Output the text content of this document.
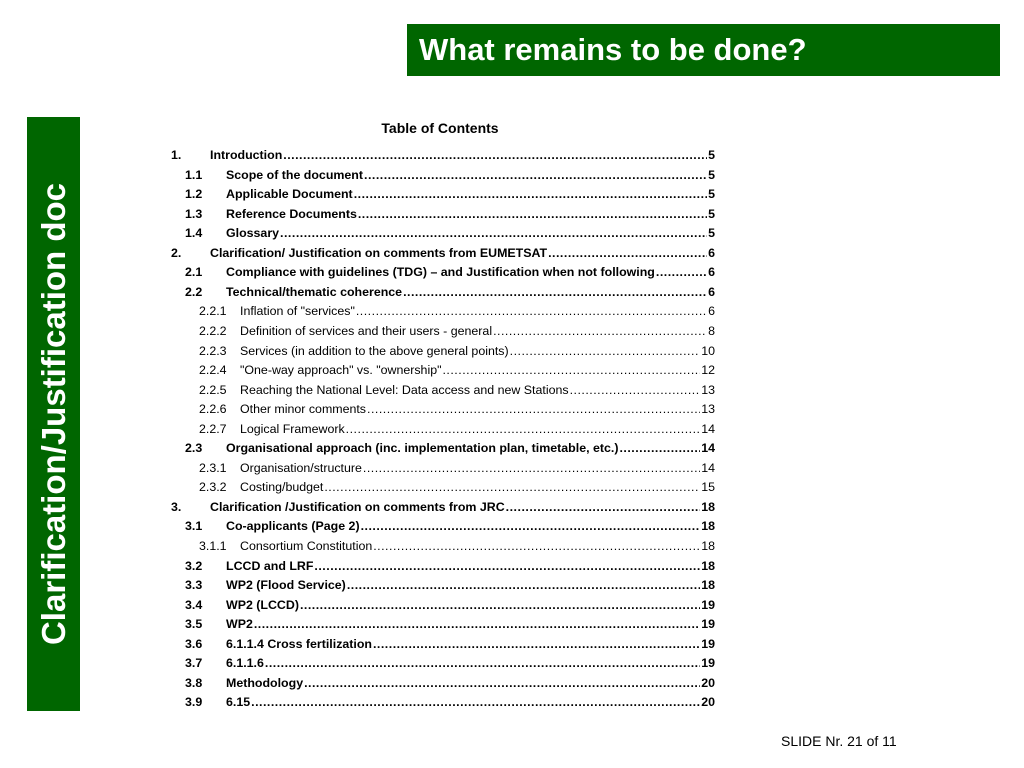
What remains to be done?
Clarification/Justification doc
Table of Contents
1. Introduction .....	5
1.1 Scope of the document .....	5
1.2 Applicable Document .....	5
1.3 Reference Documents .....	5
1.4 Glossary .....	5
2. Clarification/ Justification on comments from EUMETSAT .....	6
2.1 Compliance with guidelines (TDG) – and Justification when not following .....	6
2.2 Technical/thematic coherence .....	6
2.2.1 Inflation of "services" .....	6
2.2.2 Definition of services and their users - general .....	8
2.2.3 Services (in addition to the above general points) .....	10
2.2.4 "One-way approach" vs. "ownership" .....	12
2.2.5 Reaching the National Level: Data access and new Stations .....	13
2.2.6 Other minor comments .....	13
2.2.7 Logical Framework .....	14
2.3 Organisational approach (inc. implementation plan, timetable, etc.) .....	14
2.3.1 Organisation/structure .....	14
2.3.2 Costing/budget .....	15
3. Clarification /Justification on comments from JRC .....	18
3.1 Co-applicants (Page 2) .....	18
3.1.1 Consortium Constitution .....	18
3.2 LCCD and LRF .....	18
3.3 WP2 (Flood Service) .....	18
3.4 WP2 (LCCD) .....	19
3.5 WP2 .....	19
3.6 6.1.1.4 Cross fertilization .....	19
3.7 6.1.1.6 .....	19
3.8 Methodology .....	20
3.9 6.15 .....	20
SLIDE Nr. 21 of 11
